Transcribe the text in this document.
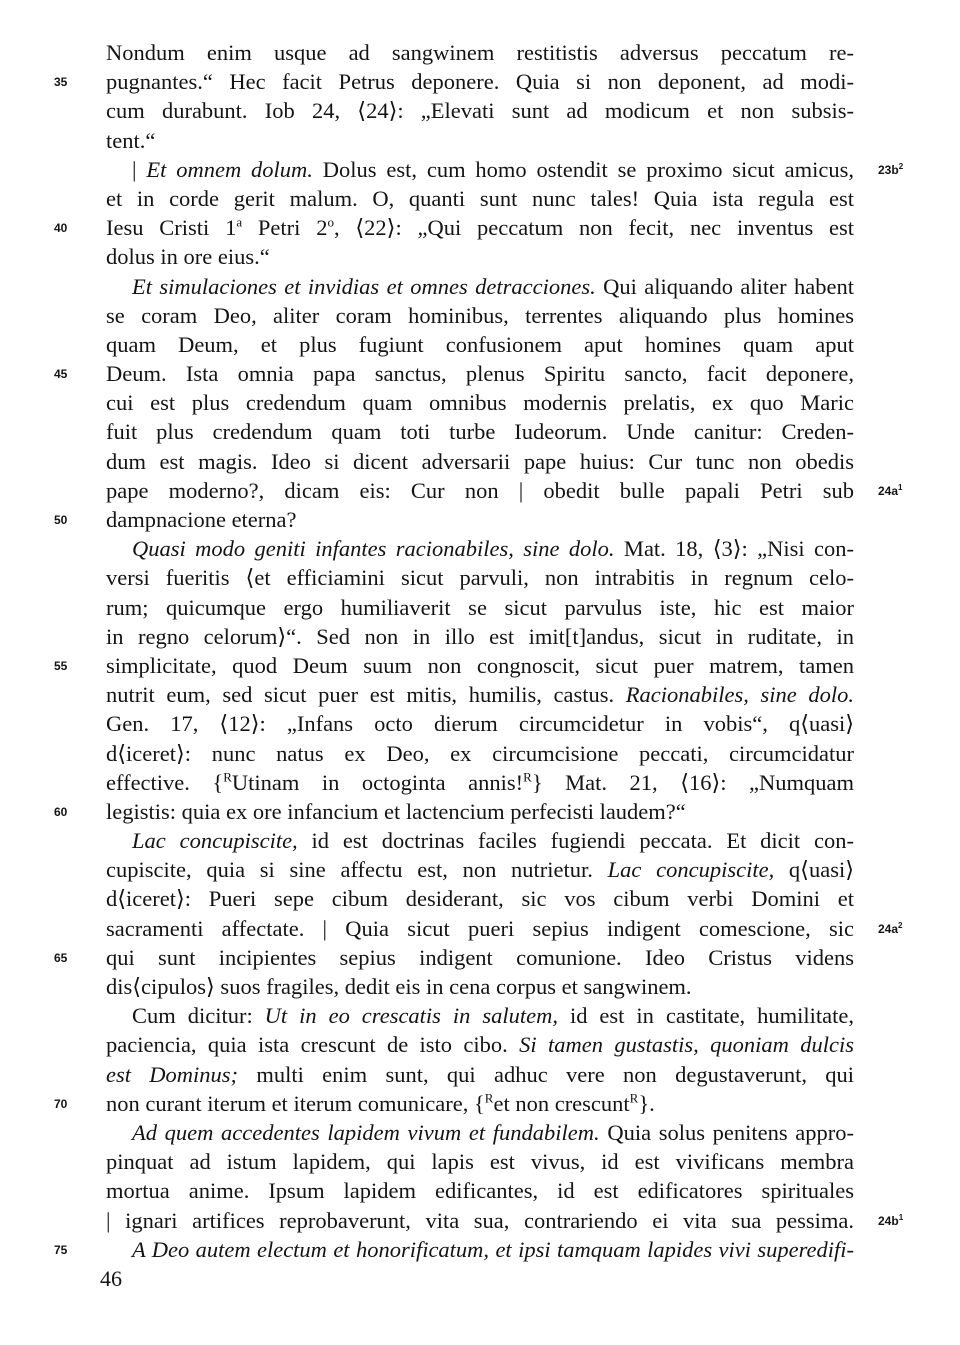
Nondum enim usque ad sangwinem restitistis adversus peccatum re-
35 pugnantes.“ Hec facit Petrus deponere. Quia si non deponent, ad modi-
cum durabunt. Iob 24, ⟨24⟩: „Elevati sunt ad modicum et non subsis-
tent.“
| Et omnem dolum. Dolus est, cum homo ostendit se proximo sicut amicus, $23b^2$
et in corde gerit malum. O, quanti sunt nunc tales! Quia ista regula est
40 Iesu Cristi 1$^a$ Petri 2$^o$, ⟨22⟩: „Qui peccatum non fecit, nec inventus est
dolus in ore eius.“
Et simulaciones et invidias et omnes detracciones. Qui aliquando aliter habent
se coram Deo, aliter coram hominibus, terrentes aliquando plus homines
quam Deum, et plus fugiunt confusionem aput homines quam aput
45 Deum. Ista omnia papa sanctus, plenus Spiritu sancto, facit deponere,
cui est plus credendum quam omnibus modernis prelatis, ex quo Maric
fuit plus credendum quam toti turbe Iudeorum. Unde canitur: Creden-
dum est magis. Ideo si dicent adversarii pape huius: Cur tunc non obedis
pape moderno?, dicam eis: Cur non | obedit bulle papali Petri sub $24a^1$
50 dampnacione eterna?
Quasi modo geniti infantes racionabiles, sine dolo. Mat. 18, ⟨3⟩: „Nisi con-
versi fueritis ⟨et efficiamini sicut parvuli, non intrabitis in regnum celo-
rum; quicumque ergo humiliaverit se sicut parvulus iste, hic est maior
in regno celorum⟩“. Sed non in illo est imit[t]andus, sicut in ruditate, in
55 simplicitate, quod Deum suum non congnoscit, sicut puer matrem, tamen
nutrit eum, sed sicut puer est mitis, humilis, castus. Racionabiles, sine dolo.
Gen. 17, ⟨12⟩: „Infans octo dierum circumcidetur in vobis“, q⟨uasi⟩
d⟨iceret⟩: nunc natus ex Deo, ex circumcisione peccati, circumcidatur
effective. {$^R$Utinam in octoginta annis!$^R$} Mat. 21, ⟨16⟩: „Numquam
60 legistis: quia ex ore infancium et lactencium perfecisti laudem?“
Lac concupiscite, id est doctrinas faciles fugiendi peccata. Et dicit con-
cupiscite, quia si sine affectu est, non nutrietur. Lac concupiscite, q⟨uasi⟩
d⟨iceret⟩: Pueri sepe cibum desiderant, sic vos cibum verbi Domini et
sacramenti affectate. | Quia sicut pueri sepius indigent comescione, sic $24a^2$
65 qui sunt incipientes sepius indigent comunione. Ideo Cristus videns
dis⟨cipulos⟩ suos fragiles, dedit eis in cena corpus et sangwinem.
Cum dicitur: Ut in eo crescatis in salutem, id est in castitate, humilitate,
paciencia, quia ista crescunt de isto cibo. Si tamen gustastis, quoniam dulcis
est Dominus; multi enim sunt, qui adhuc vere non degustaverunt, qui
70 non curant iterum et iterum comunicare, {$^R$et non crescunt$^R$}.
Ad quem accedentes lapidem vivum et fundabilem. Quia solus penitens appro-
pinquat ad istum lapidem, qui lapis est vivus, id est vivificans membra
mortua anime. Ipsum lapidem edificantes, id est edificatores spirituales
| ignari artifices reprobaverunt, vita sua, contrariendo ei vita sua pessima. $24b^1$
75	A Deo autem electum et honorificatum, et ipsi tamquam lapides vivi superedifi-
46
